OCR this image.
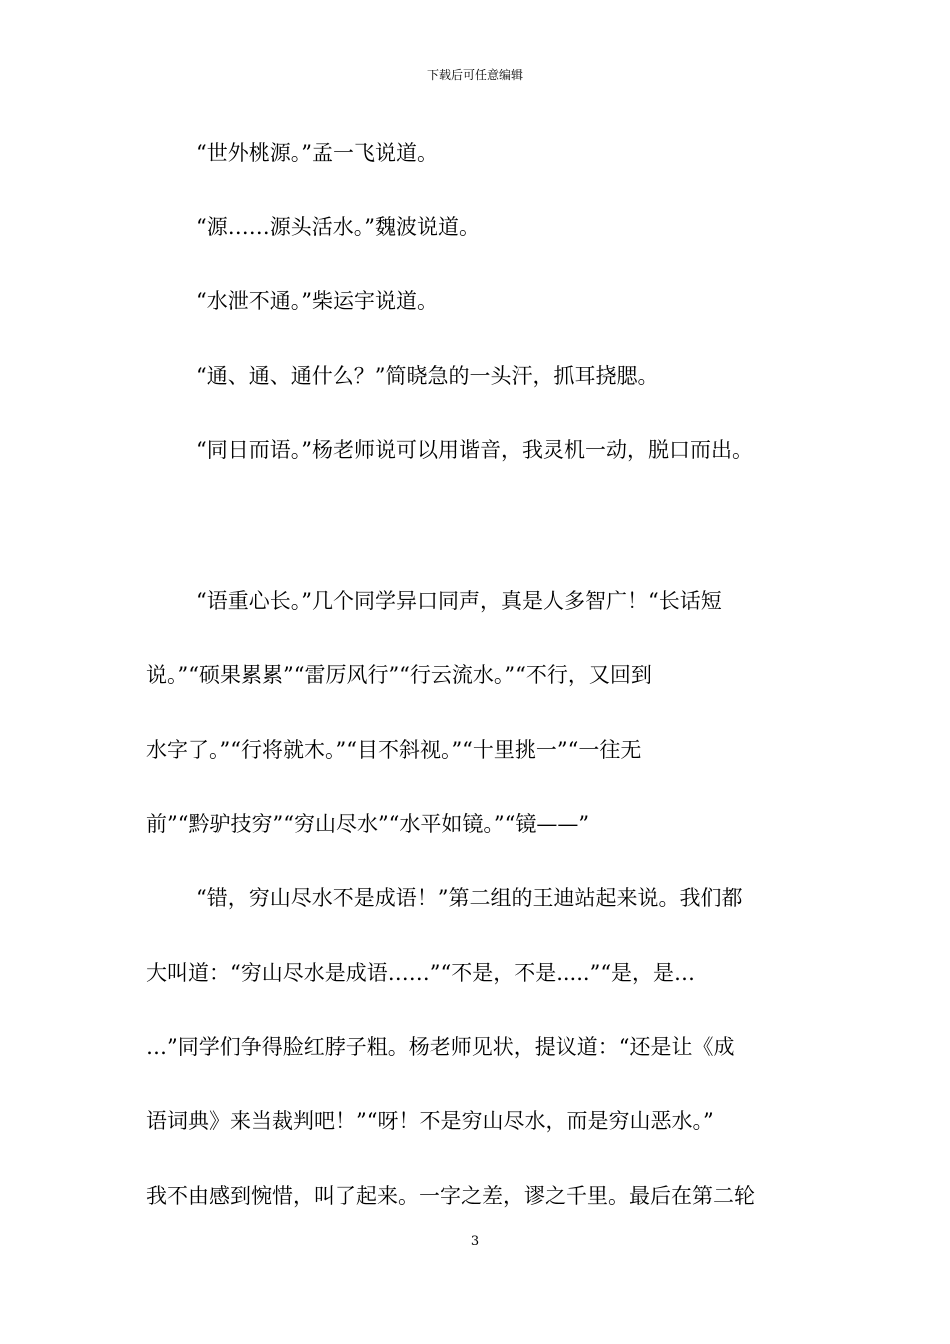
下载后可任意编辑
“世外桃源。”孟一飞说道。
“源……源头活水。”魏波说道。
“水泄不通。”柴运宇说道。
“通、通、通什么？”简晓急的一头汗，抓耳挠腮。
“同日而语。”杨老师说可以用谐音，我灵机一动，脱口而出。
“语重心长。”几个同学异口同声，真是人多智广！“长话短
说。”“硕果累累”“雷厉风行”“行云流水。”“不行，又回到
水字了。”“行将就木。”“目不斜视。”“十里挑一”“一往无
前”“黔驴技穷”“穷山尽水”“水平如镜。”“镜——”
“错，穷山尽水不是成语！”第二组的王迪站起来说。我们都
大叫道：“穷山尽水是成语……”“不是，不是.....”“是，是…
…”同学们争得脸红脖子粗。杨老师见状，提议道：“还是让《成
语词典》来当裁判吧！”“呀！不是穷山尽水，而是穷山恶水。”
我不由感到惋惜，叫了起来。一字之差，谬之千里。最后在第二轮
3
